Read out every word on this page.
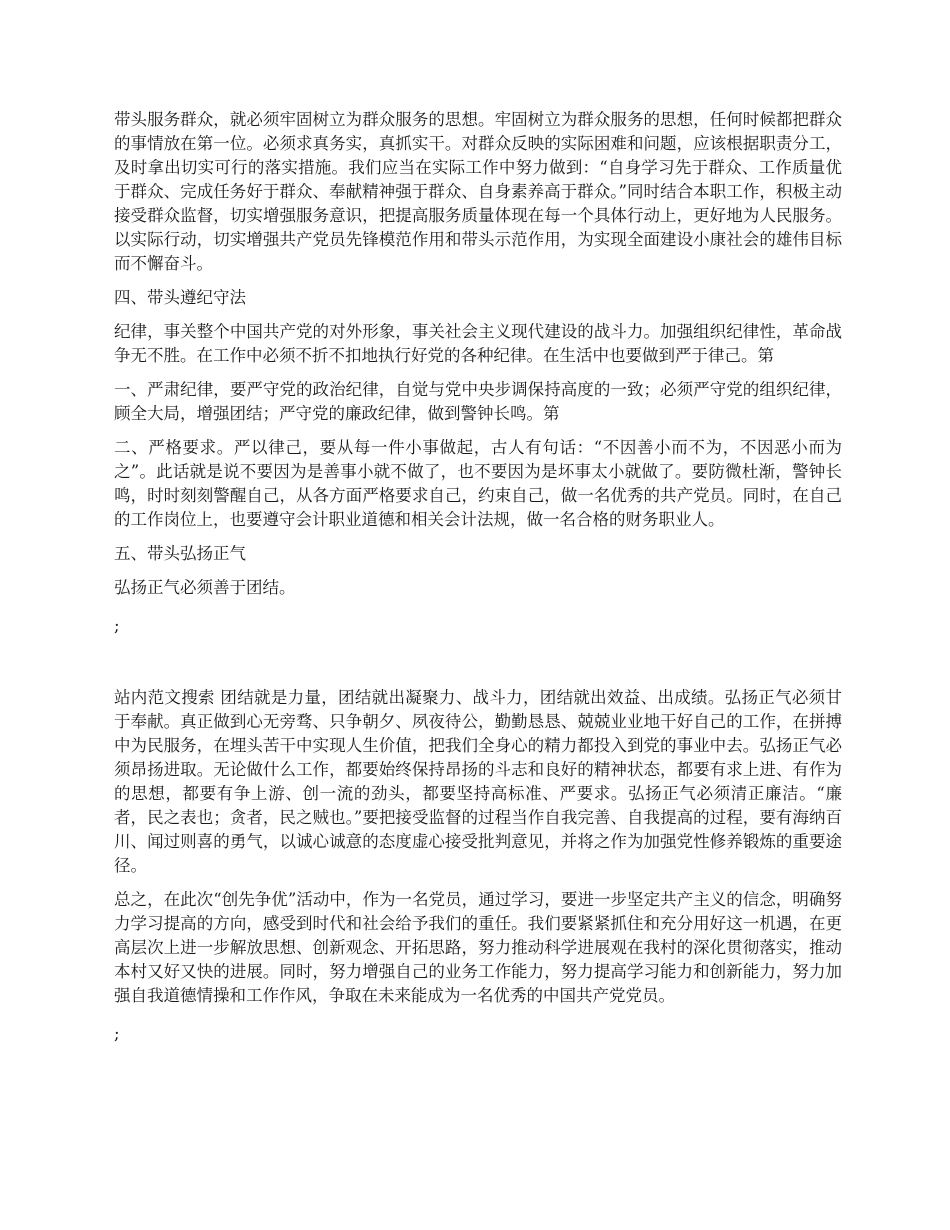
带头服务群众，就必须牢固树立为群众服务的思想。牢固树立为群众服务的思想，任何时候都把群众的事情放在第一位。必须求真务实，真抓实干。对群众反映的实际困难和问题，应该根据职责分工，及时拿出切实可行的落实措施。我们应当在实际工作中努力做到：“自身学习先于群众、工作质量优于群众、完成任务好于群众、奉献精神强于群众、自身素养高于群众。”同时结合本职工作，积极主动接受群众监督，切实增强服务意识，把提高服务质量体现在每一个具体行动上，更好地为人民服务。以实际行动，切实增强共产党员先锋模范作用和带头示范作用，为实现全面建设小康社会的雄伟目标而不懈奋斗。

四、带头遵纪守法

纪律，事关整个中国共产党的对外形象，事关社会主义现代建设的战斗力。加强组织纪律性，革命战争无不胜。在工作中必须不折不扣地执行好党的各种纪律。在生活中也要做到严于律己。第

一、严肃纪律，要严守党的政治纪律，自觉与党中央步调保持高度的一致；必须严守党的组织纪律，顾全大局，增强团结；严守党的廉政纪律，做到警钟长鸣。第

二、严格要求。严以律己，要从每一件小事做起，古人有句话：“不因善小而不为，不因恶小而为之”。此话就是说不要因为是善事小就不做了，也不要因为是坏事太小就做了。要防微杜渐，警钟长鸣，时时刻刻警醒自己，从各方面严格要求自己，约束自己，做一名优秀的共产党员。同时，在自己的工作岗位上，也要遵守会计职业道德和相关会计法规，做一名合格的财务职业人。

五、带头弘扬正气

弘扬正气必须善于团结。

;

站内范文搜索 团结就是力量，团结就出凝聚力、战斗力，团结就出效益、出成绩。弘扬正气必须甘于奉献。真正做到心无旁骛、只争朝夕、夙夜待公，勤勤恳恳、兢兢业业地干好自己的工作，在拼搏中为民服务，在埋头苦干中实现人生价值，把我们全身心的精力都投入到党的事业中去。弘扬正气必须昂扬进取。无论做什么工作，都要始终保持昂扬的斗志和良好的精神状态，都要有求上进、有作为的思想，都要有争上游、创一流的劲头，都要坚持高标准、严要求。弘扬正气必须清正廉洁。“廉者，民之表也；贪者，民之贼也。”要把接受监督的过程当作自我完善、自我提高的过程，要有海纳百川、闻过则喜的勇气，以诚心诚意的态度虚心接受批判意见，并将之作为加强党性修养锻炼的重要途径。

总之，在此次“创先争优”活动中，作为一名党员，通过学习，要进一步坚定共产主义的信念，明确努力学习提高的方向，感受到时代和社会给予我们的重任。我们要紧紧抓住和充分用好这一机遇，在更高层次上进一步解放思想、创新观念、开拓思路，努力推动科学进展观在我村的深化贯彻落实，推动本村又好又快的进展。同时，努力增强自己的业务工作能力，努力提高学习能力和创新能力，努力加强自我道德情操和工作作风，争取在未来能成为一名优秀的中国共产党党员。

;
